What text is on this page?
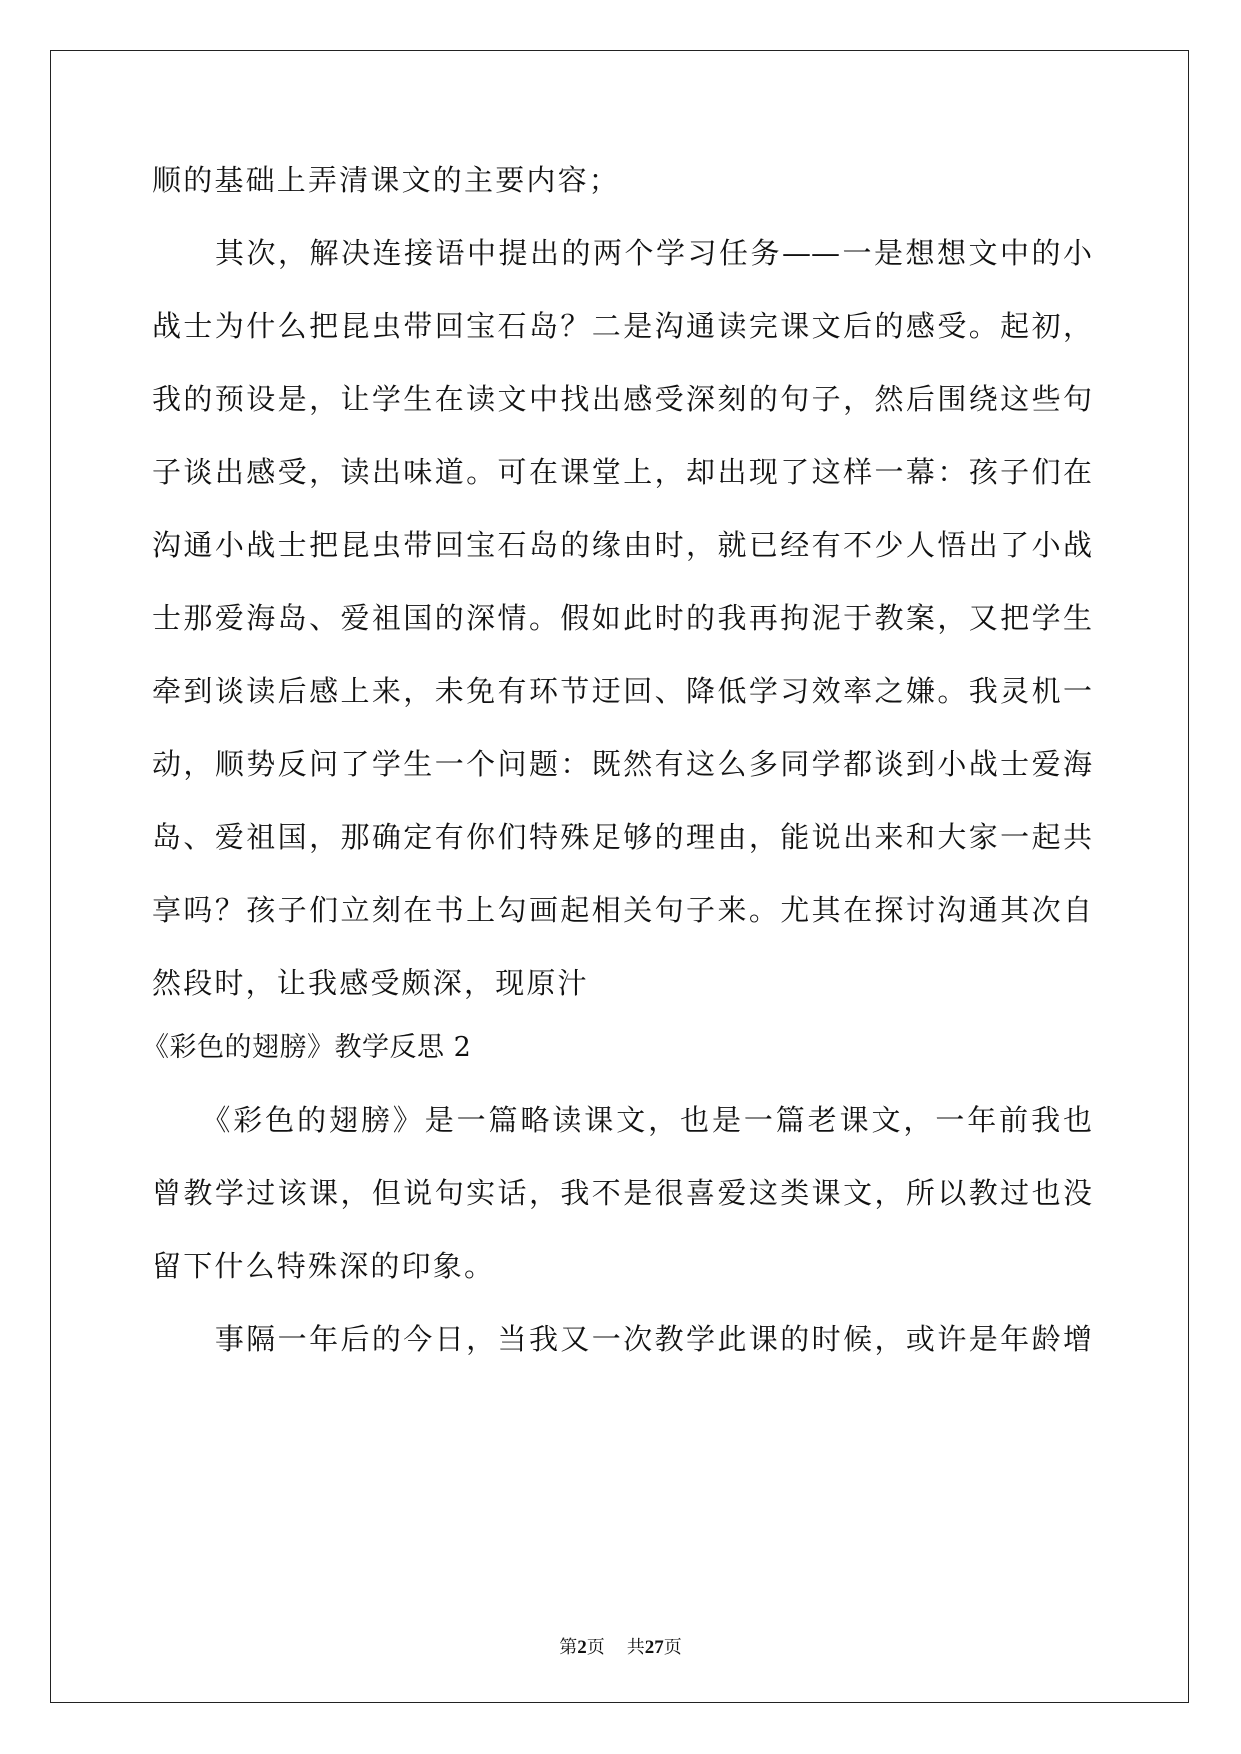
顺的基础上弄清课文的主要内容；
　　其次，解决连接语中提出的两个学习任务——一是想想文中的小
战士为什么把昆虫带回宝石岛？二是沟通读完课文后的感受。起初，
我的预设是，让学生在读文中找出感受深刻的句子，然后围绕这些句
子谈出感受，读出味道。可在课堂上，却出现了这样一幕：孩子们在
沟通小战士把昆虫带回宝石岛的缘由时，就已经有不少人悟出了小战
士那爱海岛、爱祖国的深情。假如此时的我再拘泥于教案，又把学生
牵到谈读后感上来，未免有环节迂回、降低学习效率之嫌。我灵机一
动，顺势反问了学生一个问题：既然有这么多同学都谈到小战士爱海
岛、爱祖国，那确定有你们特殊足够的理由，能说出来和大家一起共
享吗？孩子们立刻在书上勾画起相关句子来。尤其在探讨沟通其次自
然段时，让我感受颇深，现原汁
《彩色的翅膀》教学反思 2
　　《彩色的翅膀》是一篇略读课文，也是一篇老课文，一年前我也
曾教学过该课，但说句实话，我不是很喜爱这类课文，所以教过也没
留下什么特殊深的印象。
　　事隔一年后的今日，当我又一次教学此课的时候，或许是年龄增
第2页 共27页
